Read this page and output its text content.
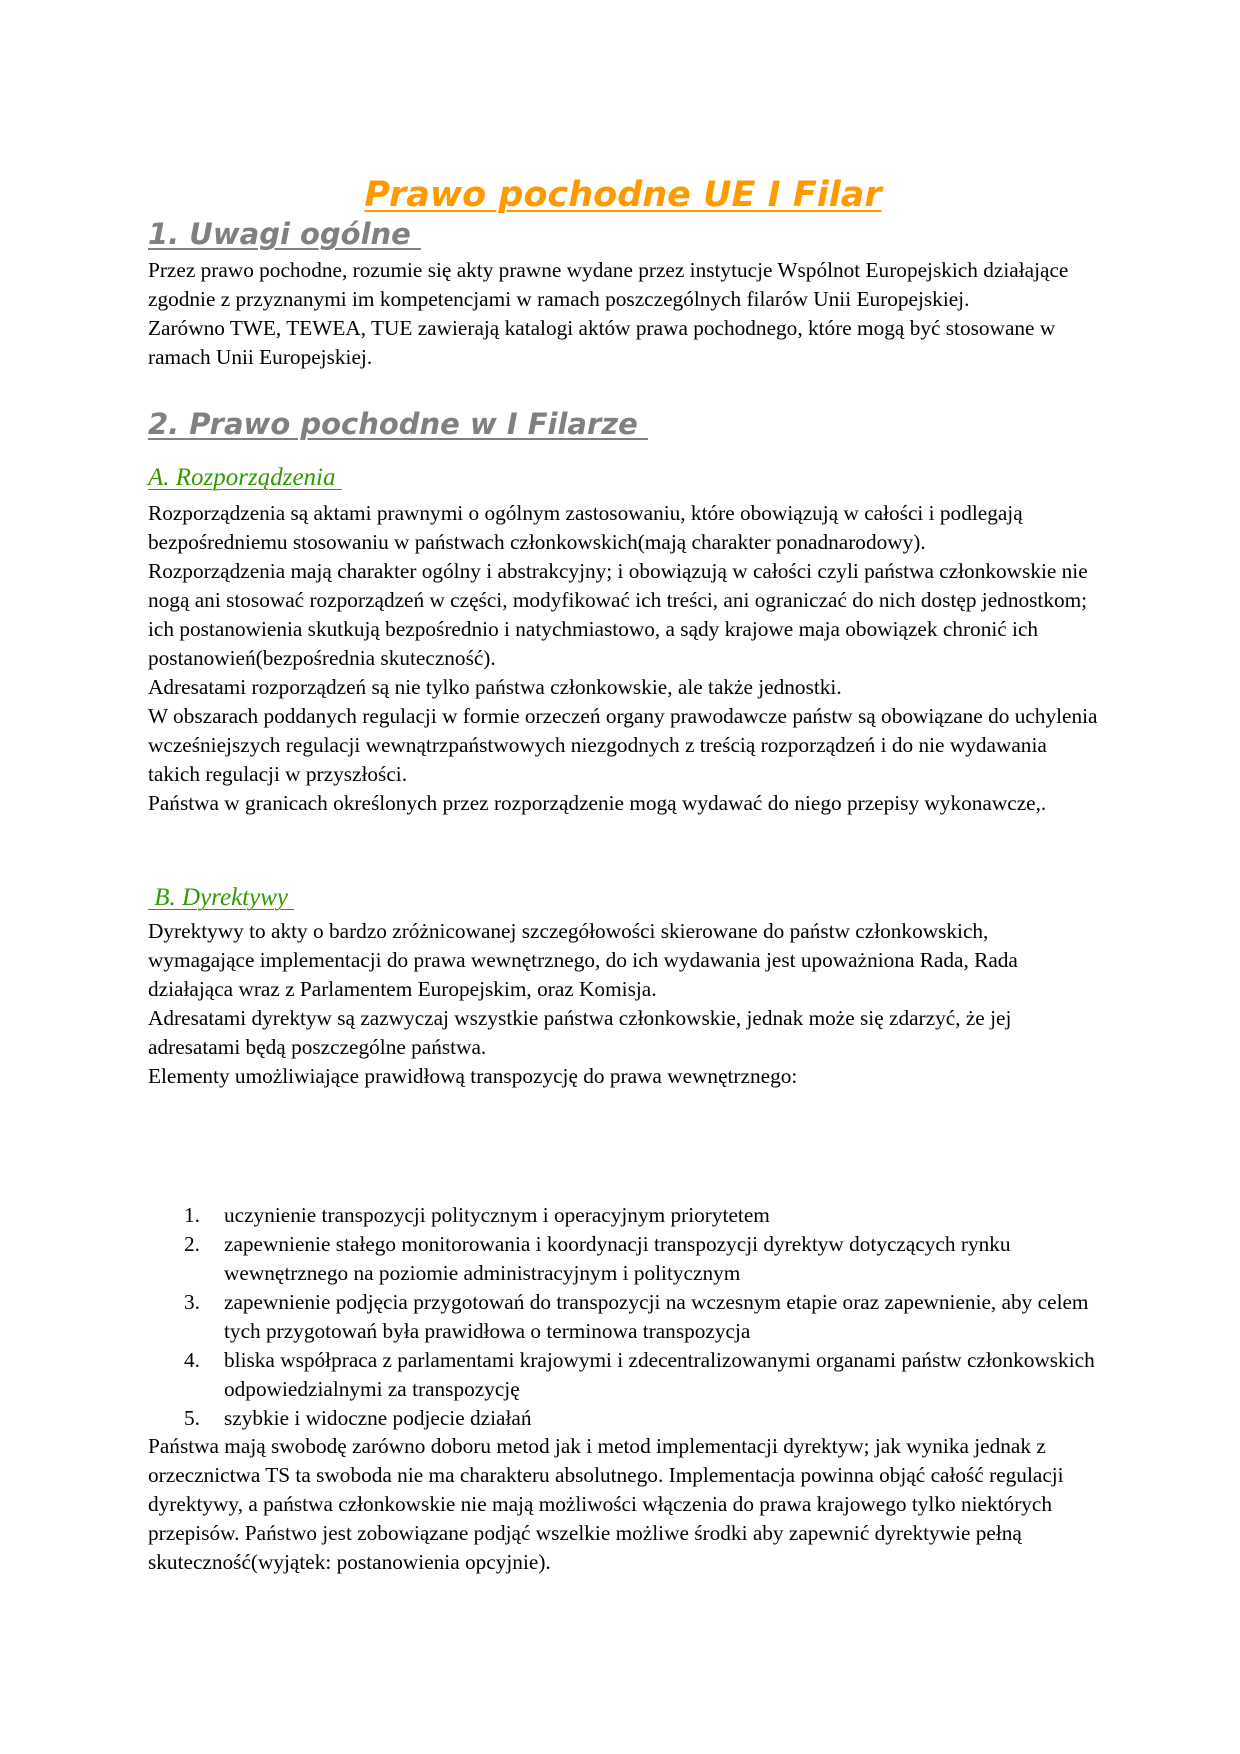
Prawo pochodne UE I Filar
1. Uwagi ogólne

Przez prawo pochodne, rozumie się akty prawne wydane przez instytucje Wspólnot Europejskich działające zgodnie z przyznanymi im kompetencjami w ramach poszczególnych filarów Unii Europejskiej.

Zarówno TWE, TEWEA, TUE zawierają katalogi aktów prawa pochodnego, które mogą być stosowane w ramach Unii Europejskiej.

2. Prawo pochodne w I Filarze
A. Rozporządzenia

Rozporządzenia są aktami prawnymi o ogólnym zastosowaniu, które obowiązują w całości i podlegają bezpośredniemu stosowaniu w państwach członkowskich(mają charakter ponadnarodowy).

Rozporządzenia mają charakter ogólny i abstrakcyjny; i obowiązują w całości czyli państwa członkowskie nie nogą ani stosować rozporządzeń w części, modyfikować ich treści, ani ograniczać do nich dostęp jednostkom; ich postanowienia skutkują bezpośrednio i natychmiastowo, a sądy krajowe maja obowiązek chronić ich postanowień(bezpośrednia skuteczność).

Adresatami rozporządzeń są nie tylko państwa członkowskie, ale także jednostki.

W obszarach poddanych regulacji w formie orzeczeń organy prawodawcze państw są obowiązane do uchylenia wcześniejszych regulacji wewnątrzpaństwowych niezgodnych z treścią rozporządzeń i do nie wydawania takich regulacji w przyszłości.

Państwa w granicach określonych przez rozporządzenie mogą wydawać do niego przepisy wykonawcze,.

B. Dyrektywy

Dyrektywy to akty o bardzo zróżnicowanej szczegółowości skierowane do państw członkowskich, wymagające implementacji do prawa wewnętrznego, do ich wydawania jest upoważniona Rada, Rada działająca wraz z Parlamentem Europejskim, oraz Komisja.

Adresatami dyrektyw są zazwyczaj wszystkie państwa członkowskie, jednak może się zdarzyć, że jej adresatami będą poszczególne państwa.

Elementy umożliwiające prawidłową transpozycję do prawa wewnętrznego:

1. uczynienie transpozycji politycznym i operacyjnym priorytetem
2. zapewnienie stałego monitorowania i koordynacji transpozycji dyrektyw dotyczących rynku wewnętrznego na poziomie administracyjnym i politycznym
3. zapewnienie podjęcia przygotowań do transpozycji na wczesnym etapie oraz zapewnienie, aby celem tych przygotowań była prawidłowa o terminowa transpozycja
4. bliska współpraca z parlamentami krajowymi i zdecentralizowanymi organami państw członkowskich odpowiedzialnymi za transpozycję
5. szybkie i widoczne podjecie działań

Państwa mają swobodę zarówno doboru metod jak i metod implementacji dyrektyw; jak wynika jednak z orzecznictwa TS ta swoboda nie ma charakteru absolutnego. Implementacja powinna objąć całość regulacji dyrektywy, a państwa członkowskie nie mają możliwości włączenia do prawa krajowego tylko niektórych przepisów. Państwo jest zobowiązane podjąć wszelkie możliwe środki aby zapewnić dyrektywie pełną skuteczność(wyjątek: postanowienia opcyjnie).
